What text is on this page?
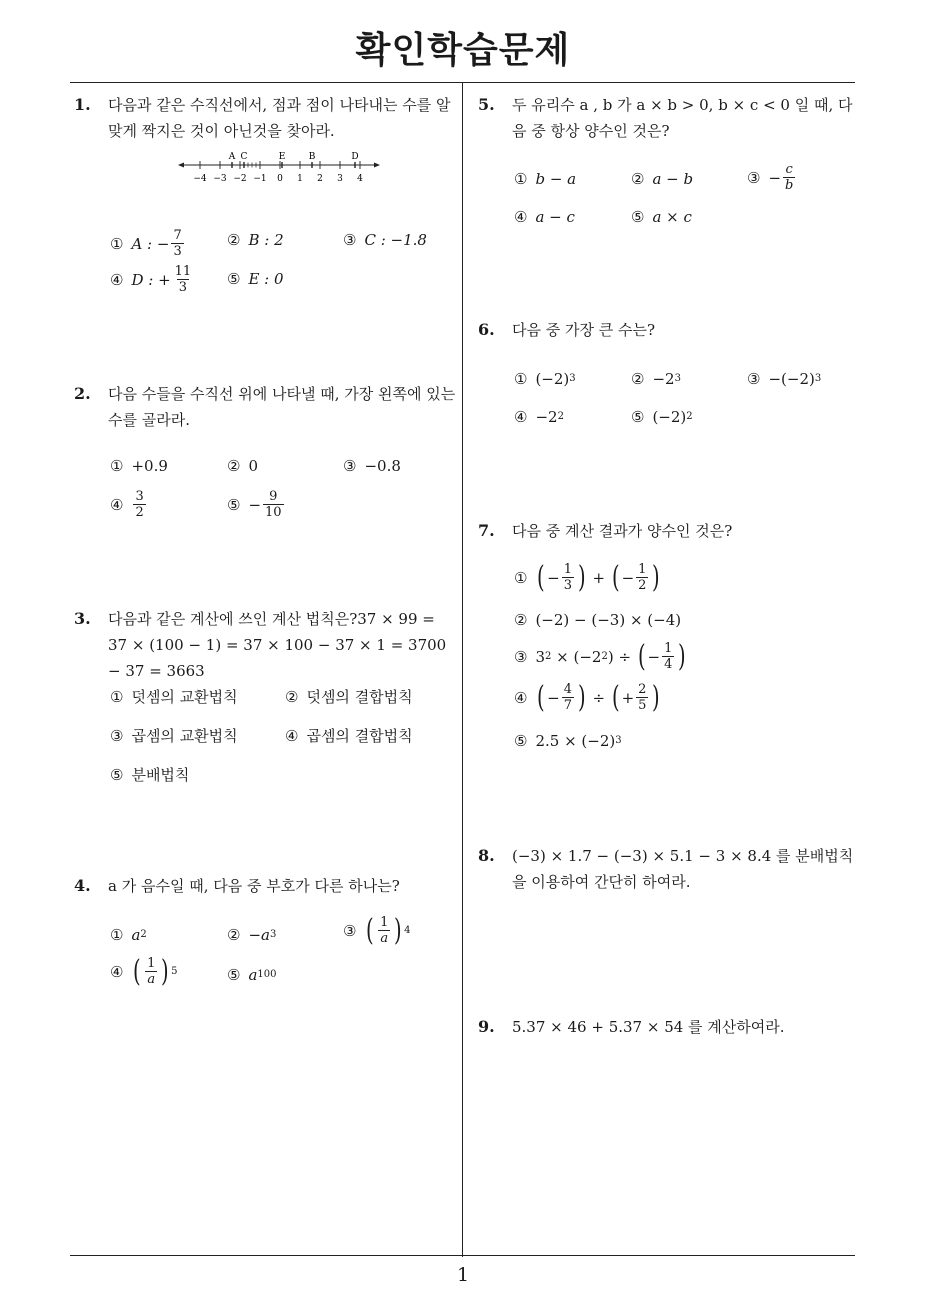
확인학습문제
1
1. 다음과 같은 수직선에서, 점과 점이 나타내는 수를 알맞게 짝지은 것이 아닌것을 찾아라.
−4 −3 −2 −1 0 1 2 3 4
A C	E	B	D
① A : − $\frac{7}{3}$	② B : 2	③ C : −1.8
④ D : + $\frac{11}{3}$ ⑤ E : 0
2. 다음 수들을 수직선 위에 나타낼 때, 가장 왼쪽에 있는 수를 골라라.
① +0.9	② 0	③ −0.8
④ $\frac{3}{2}$	⑤ − $\frac{9}{10}$
3. 다음과 같은 계산에 쓰인 계산 법칙은?37 × 99 = 37 × (100 − 1) = 37 × 100 − 37 × 1 = 3700 − 37 = 3663
① 덧셈의 교환법칙	② 덧셈의 결합법칙
③ 곱셈의 교환법칙	④ 곱셈의 결합법칙
⑤ 분배법칙
4. a 가 음수일 때, 다음 중 부호가 다른 하나는?
① a 2	② −a 3	③ ( $\frac{1}{a}$ ) 4
④ ( $\frac{1}{a}$ ) 5	⑤ a 100
5. 두 유리수 a , b 가 a × b > 0, b × c < 0 일 때, 다음 중 항상 양수인 것은?
① b − a	② a − b	③ − $\frac{c}{b}$
④ a − c	⑤ a × c
6. 다음 중 가장 큰 수는?
① (−2) 3	② −2 3	③ −(−2) 3
④ −2 2	⑤ (−2) 2
7. 다음 중 계산 결과가 양수인 것은?
① ( − $\frac{1}{3}$ ) + ( − $\frac{1}{2}$ )
② (−2) − (−3) × (−4)
③ 3 2 × (−2 2 ) ÷ ( − $\frac{1}{4}$ )
④ ( − $\frac{4}{7}$ ) ÷ ( + $\frac{2}{5}$ )
⑤ 2.5 × (−2) 3
8. (−3) × 1.7 − (−3) × 5.1 − 3 × 8.4 를 분배법칙을 이용하여 간단히 하여라.
9. 5.37 × 46 + 5.37 × 54 를 계산하여라.
